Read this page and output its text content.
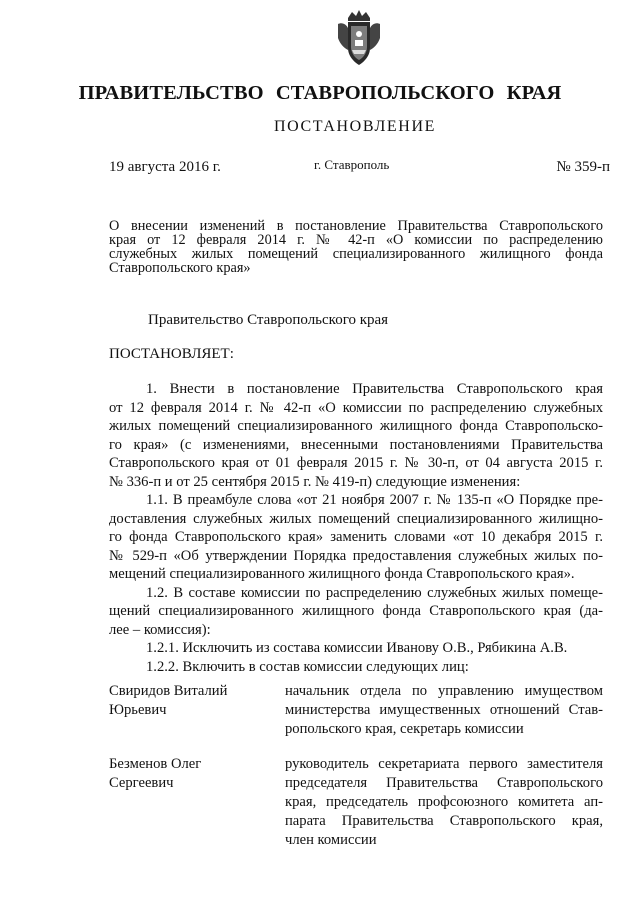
ПРАВИТЕЛЬСТВО СТАВРОПОЛЬСКОГО КРАЯ
ПОСТАНОВЛЕНИЕ
19 августа 2016 г.	г. Ставрополь	№ 359-п
О внесении изменений в постановление Правительства Ставропольского
края от 12 февраля 2014 г. № 42-п «О комиссии по распределению
служебных жилых помещений специализированного жилищного фонда
Ставропольского края»
Правительство Ставропольского края
ПОСТАНОВЛЯЕТ:
1. Внести в постановление Правительства Ставропольского края
от 12 февраля 2014 г. № 42-п «О комиссии по распределению служебных
жилых помещений специализированного жилищного фонда Ставропольско-
го края» (с изменениями, внесенными постановлениями Правительства
Ставропольского края от 01 февраля 2015 г. № 30-п, от 04 августа 2015 г.
№ 336-п и от 25 сентября 2015 г. № 419-п) следующие изменения:
1.1. В преамбуле слова «от 21 ноября 2007 г. № 135-п «О Порядке пре-
доставления служебных жилых помещений специализированного жилищно-
го фонда Ставропольского края» заменить словами «от 10 декабря 2015 г.
№ 529-п «Об утверждении Порядка предоставления служебных жилых по-
мещений специализированного жилищного фонда Ставропольского края».
1.2. В составе комиссии по распределению служебных жилых помеще-
щений специализированного жилищного фонда Ставропольского края (да-
лее – комиссия):
1.2.1. Исключить из состава комиссии Иванову О.В., Рябикина А.В.
1.2.2. Включить в состав комиссии следующих лиц:
Свиридов Виталий
Юрьевич
начальник отдела по управлению имуществом
министерства имущественных отношений Став-
ропольского края, секретарь комиссии
Безменов Олег
Сергеевич
руководитель секретариата первого заместителя
председателя Правительства Ставропольского
края, председатель профсоюзного комитета ап-
парата Правительства Ставропольского края,
член комиссии
